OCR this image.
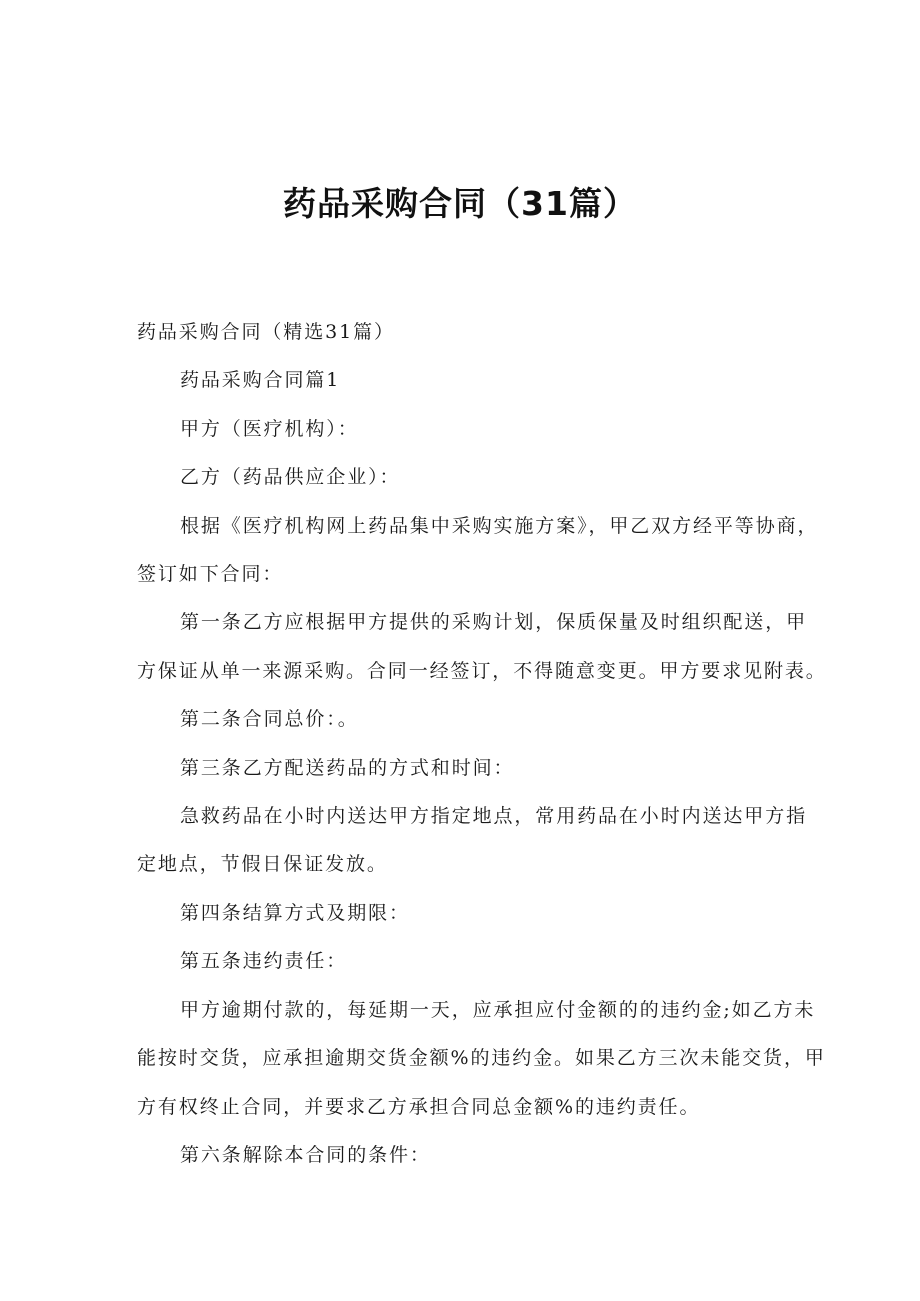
药品采购合同（31篇）

药品采购合同（精选31篇）

药品采购合同篇1

甲方（医疗机构）：

乙方（药品供应企业）：

根据《医疗机构网上药品集中采购实施方案》，甲乙双方经平等协商，

签订如下合同：

第一条乙方应根据甲方提供的采购计划，保质保量及时组织配送，甲

方保证从单一来源采购。合同一经签订，不得随意变更。甲方要求见附表。

第二条合同总价：。

第三条乙方配送药品的方式和时间：

急救药品在小时内送达甲方指定地点，常用药品在小时内送达甲方指

定地点，节假日保证发放。

第四条结算方式及期限：

第五条违约责任：

甲方逾期付款的，每延期一天，应承担应付金额的的违约金;如乙方未

能按时交货，应承担逾期交货金额%的违约金。如果乙方三次未能交货，甲

方有权终止合同，并要求乙方承担合同总金额%的违约责任。

第六条解除本合同的条件：
